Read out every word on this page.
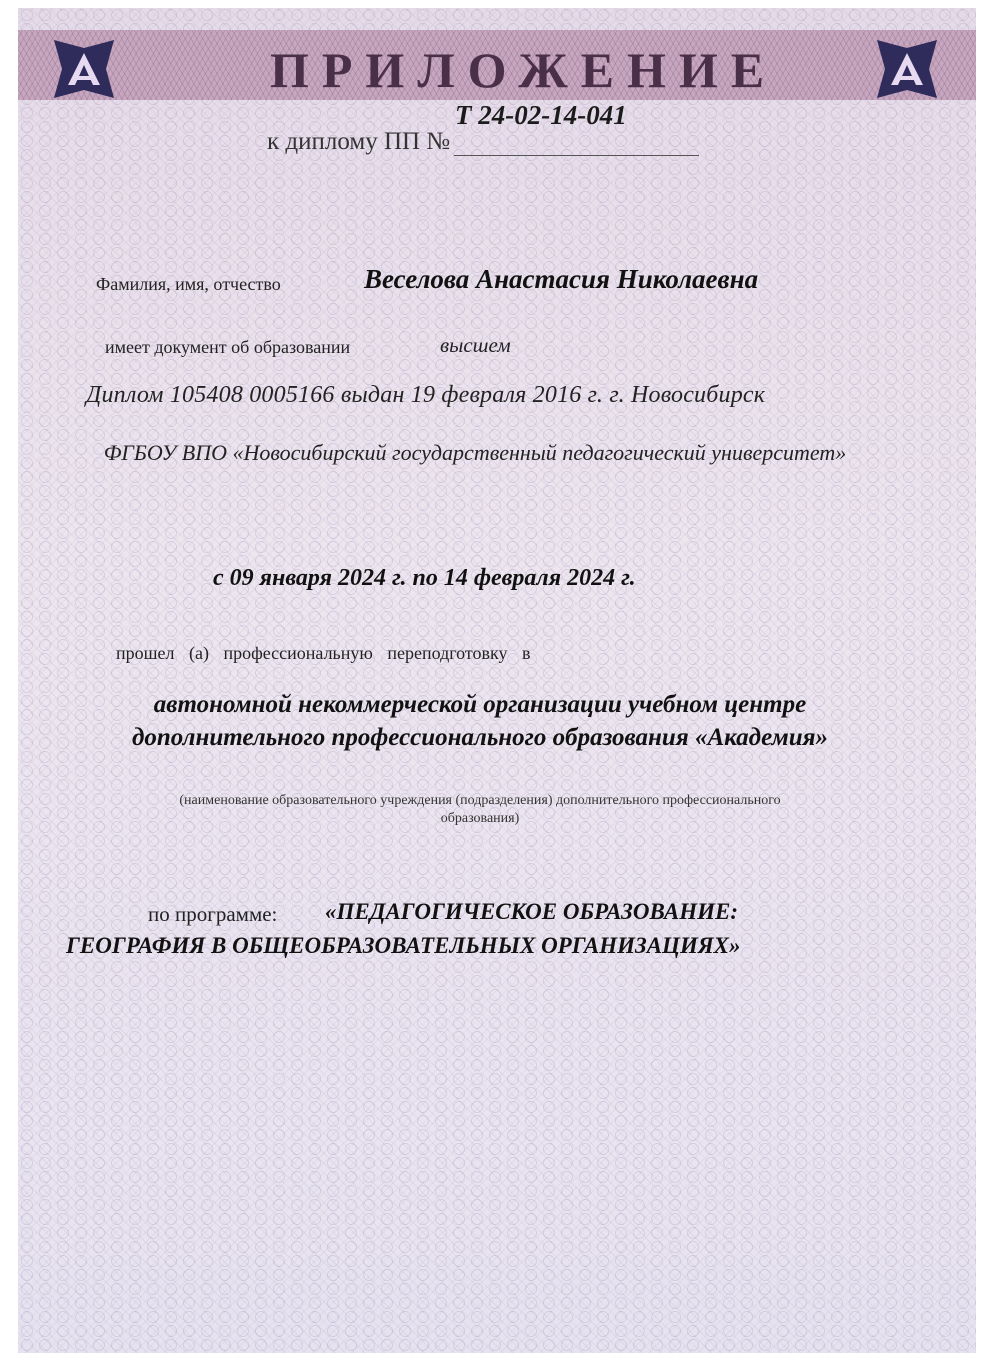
ПРИЛОЖЕНИЕ
Т 24-02-14-041
к диплому ПП №
Фамилия, имя, отчество	Веселова Анастасия Николаевна
имеет документ об образовании	высшем
Диплом 105408 0005166 выдан 19 февраля 2016 г. г. Новосибирск
ФГБОУ ВПО «Новосибирский государственный педагогический университет»
с 09 января 2024 г. по 14 февраля 2024 г.
прошел (а) профессиональную переподготовку в
автономной некоммерческой организации учебном центре дополнительного профессионального образования «Академия»
(наименование образовательного учреждения (подразделения) дополнительного профессионального образования)
по программе: «ПЕДАГОГИЧЕСКОЕ ОБРАЗОВАНИЕ:
ГЕОГРАФИЯ В ОБЩЕОБРАЗОВАТЕЛЬНЫХ ОРГАНИЗАЦИЯХ»
